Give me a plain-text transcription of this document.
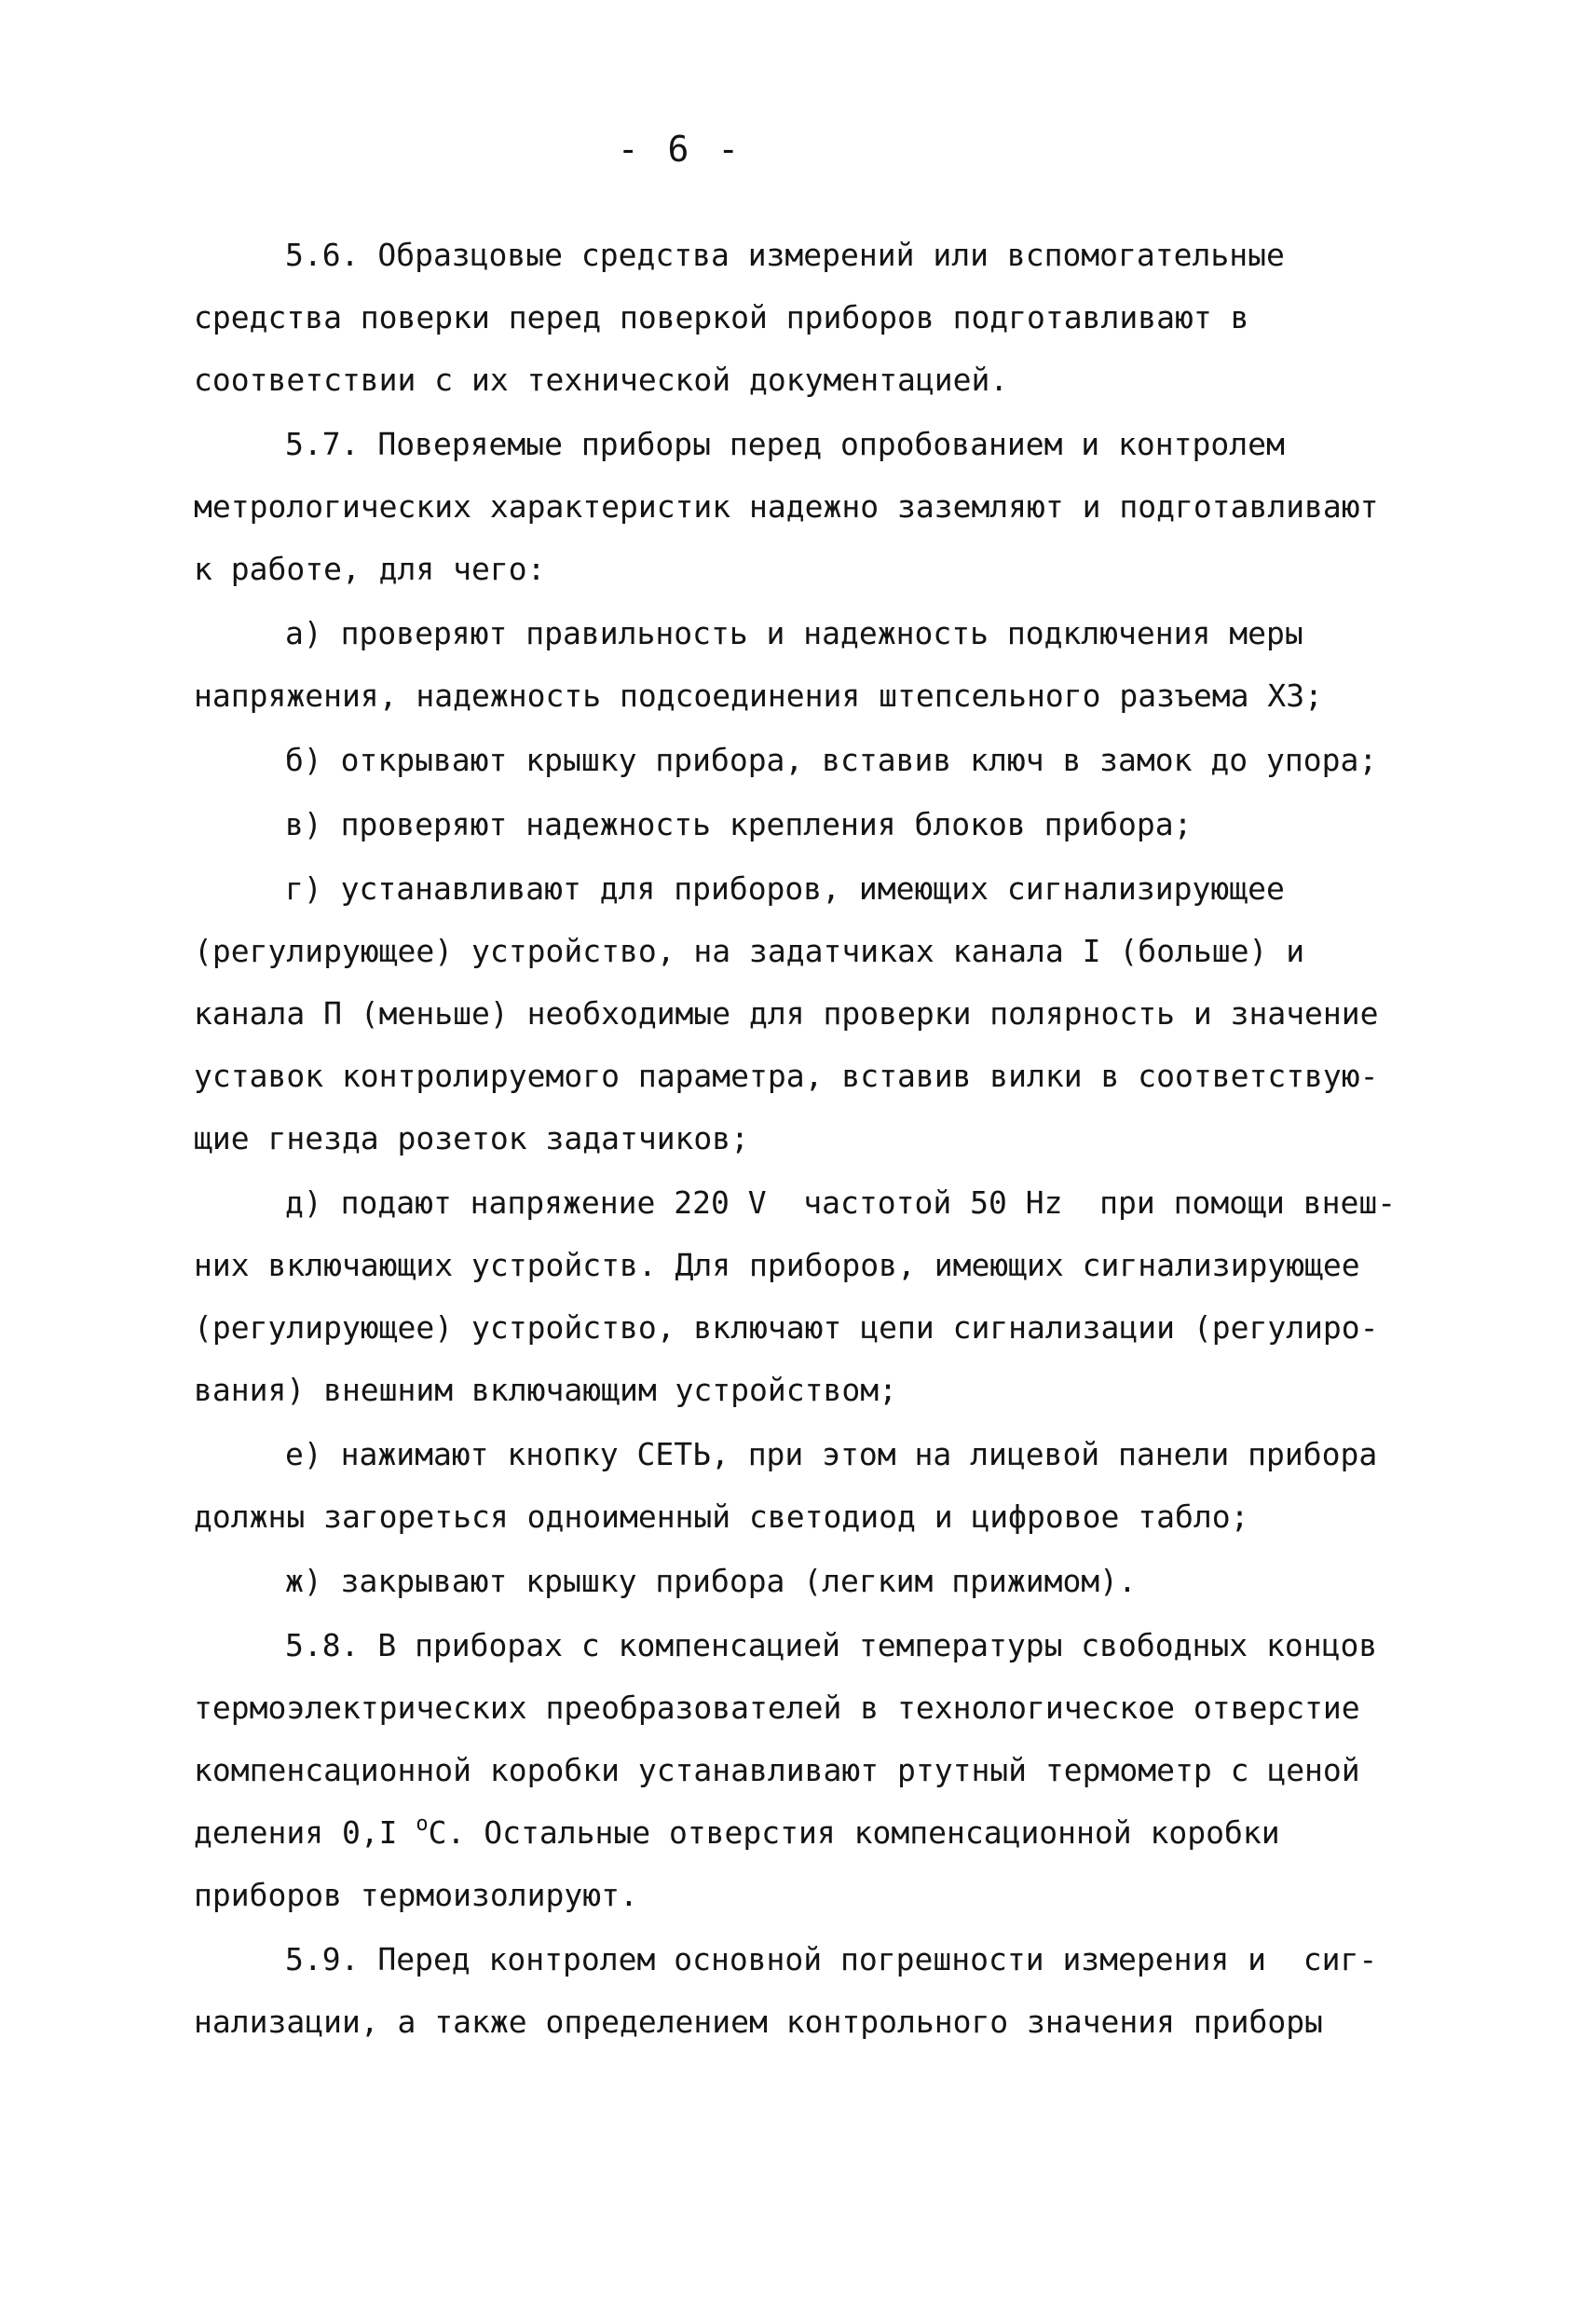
- 6 -
5.6. Образцовые средства измерений или вспомогательные
средства поверки перед поверкой приборов подготавливают в
соответствии с их технической документацией.
5.7. Поверяемые приборы перед опробованием и контролем
метрологических характеристик надежно заземляют и подготавливают
к работе, для чего:
а) проверяют правильность и надежность подключения меры
напряжения, надежность подсоединения штепсельного разъема Х3;
б) открывают крышку прибора, вставив ключ в замок до упора;
в) проверяют надежность крепления блоков прибора;
г) устанавливают для приборов, имеющих сигнализирующее
(регулирующее) устройство, на задатчиках канала I (больше) и
канала П (меньше) необходимые для проверки полярность и значение
уставок контролируемого параметра, вставив вилки в соответствую-
щие гнезда розеток задатчиков;
д) подают напряжение 220 V  частотой 50 Hz  при помощи внеш-
них включающих устройств. Для приборов, имеющих сигнализирующее
(регулирующее) устройство, включают цепи сигнализации (регулиро-
вания) внешним включающим устройством;
е) нажимают кнопку СЕТЬ, при этом на лицевой панели прибора
должны загореться одноименный светодиод и цифровое табло;
ж) закрывают крышку прибора (легким прижимом).
5.8. В приборах с компенсацией температуры свободных концов
термоэлектрических преобразователей в технологическое отверстие
компенсационной коробки устанавливают ртутный термометр с ценой
деления 0,I $^o$C. Остальные отверстия компенсационной коробки
приборов термоизолируют.
5.9. Перед контролем основной погрешности измерения и  сиг-
нализации, а также определением контрольного значения приборы
